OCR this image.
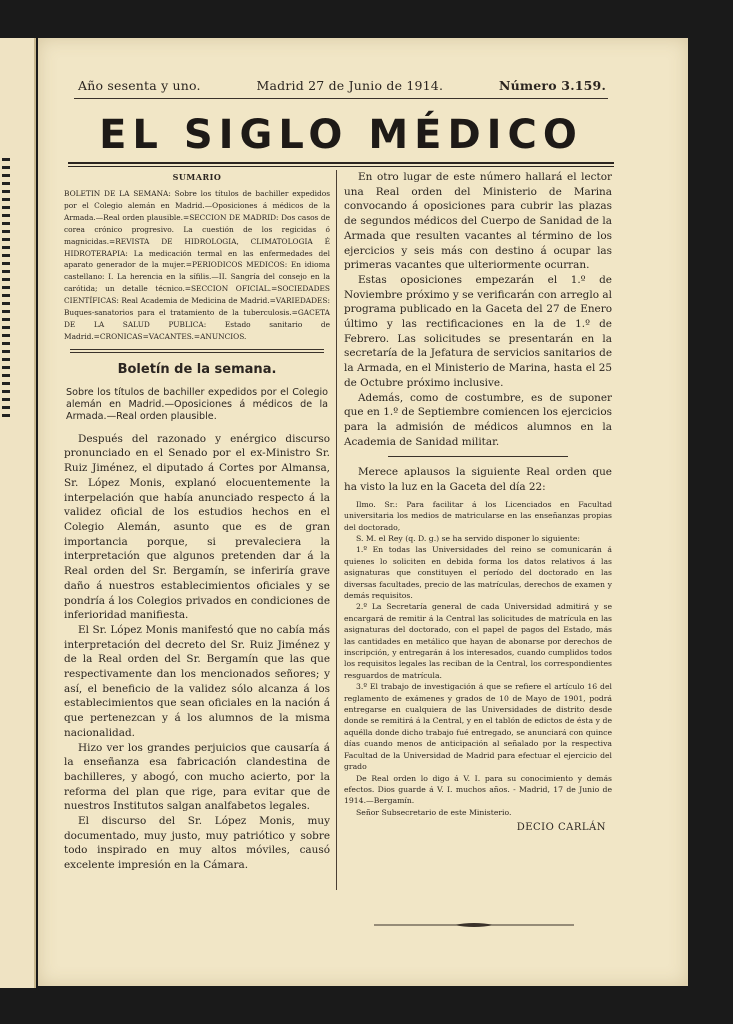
Año sesenta y uno.	Madrid 27 de Junio de 1914.	Número 3.159.
EL SIGLO MÉDICO
SUMARIO

BOLETIN DE LA SEMANA: Sobre los títulos de bachiller expedidos por el Colegio alemán en Madrid.—Oposiciones á médicos de la Armada.—Real orden plausible.=SECCION DE MADRID: Dos casos de corea crónico progresivo. La cuestión de los regicidas ó magnicidas.=REVISTA DE HIDROLOGIA, CLIMATOLOGIA É HIDROTERAPIA: La medicación termal en las enfermedades del aparato generador de la mujer.=PERIODICOS MEDICOS: En idioma castellano: I. La herencia en la sífilis.—II. Sangría del consejo en la carótida; un detalle técnico.=SECCION OFICIAL.=SOCIEDADES CIENTÍFICAS: Real Academia de Medicina de Madrid.=VARIEDADES: Buques-sanatorios para el tratamiento de la tuberculosis.=GACETA DE LA SALUD PUBLICA: Estado sanitario de Madrid.=CRONICAS=VACANTES.=ANUNCIOS.

Boletín de la semana.

Sobre los títulos de bachiller expedidos por el Colegio alemán en Madrid.—Oposiciones á médicos de la Armada.—Real orden plausible.

Después del razonado y enérgico discurso pronunciado en el Senado por el ex-Ministro Sr. Ruiz Jiménez, el diputado á Cortes por Almansa, Sr. López Monis, explanó elocuentemente la interpelación que había anunciado respecto á la validez oficial de los estudios hechos en el Colegio Alemán, asunto que es de gran importancia porque, si prevaleciera la interpretación que algunos pretenden dar á la Real orden del Sr. Bergamín, se inferiría grave daño á nuestros establecimientos oficiales y se pondría á los Colegios privados en condiciones de inferioridad manifiesta.

El Sr. López Monis manifestó que no cabía más interpretación del decreto del Sr. Ruiz Jiménez y de la Real orden del Sr. Bergamín que las que respectivamente dan los mencionados señores; y así, el beneficio de la validez sólo alcanza á los establecimientos que sean oficiales en la nación á que pertenezcan y á los alumnos de la misma nacionalidad.

Hizo ver los grandes perjuicios que causaría á la enseñanza esa fabricación clandestina de bachilleres, y abogó, con mucho acierto, por la reforma del plan que rige, para evitar que de nuestros Institutos salgan analfabetos legales.

El discurso del Sr. López Monis, muy documentado, muy justo, muy patriótico y sobre todo inspirado en muy altos móviles, causó excelente impresión en la Cámara.

En otro lugar de este número hallará el lector una Real orden del Ministerio de Marina convocando á oposiciones para cubrir las plazas de segundos médicos del Cuerpo de Sanidad de la Armada que resulten vacantes al término de los ejercicios y seis más con destino á ocupar las primeras vacantes que ulteriormente ocurran.

Estas oposiciones empezarán el 1.º de Noviembre próximo y se verificarán con arreglo al programa publicado en la Gaceta del 27 de Enero último y las rectificaciones en la de 1.º de Febrero. Las solicitudes se presentarán en la secretaría de la Jefatura de servicios sanitarios de la Armada, en el Ministerio de Marina, hasta el 25 de Octubre próximo inclusive.

Además, como de costumbre, es de suponer que en 1.º de Septiembre comiencen los ejercicios para la admisión de médicos alumnos en la Academia de Sanidad militar.

Merece aplausos la siguiente Real orden que ha visto la luz en la Gaceta del día 22:

Ilmo. Sr.: Para facilitar á los Licenciados en Facultad universitaria los medios de matricularse en las enseñanzas propias del doctorado,

S. M. el Rey (q. D. g.) se ha servido disponer lo siguiente:

1.º En todas las Universidades del reino se comunicarán á quienes lo soliciten en debida forma los datos relativos á las asignaturas que constituyen el período del doctorado en las diversas facultades, precio de las matrículas, derechos de examen y demás requisitos.

2.º La Secretaría general de cada Universidad admitirá y se encargará de remitir á la Central las solicitudes de matrícula en las asignaturas del doctorado, con el papel de pagos del Estado, más las cantidades en metálico que hayan de abonarse por derechos de inscripción, y entregarán á los interesados, cuando cumplidos todos los requisitos legales las reciban de la Central, los correspondientes resguardos de matrícula.

3.º El trabajo de investigación á que se refiere el artículo 16 del reglamento de exámenes y grados de 10 de Mayo de 1901, podrá entregarse en cualquiera de las Universidades de distrito desde donde se remitirá á la Central, y en el tablón de edictos de ésta y de aquélla donde dicho trabajo fué entregado, se anunciará con quince días cuando menos de anticipación al señalado por la respectiva Facultad de la Universidad de Madrid para efectuar el ejercicio del grado

De Real orden lo digo á V. I. para su conocimiento y demás efectos. Dios guarde á V. I. muchos años. - Madrid, 17 de Junio de 1914.—Bergamín.

Señor Subsecretario de este Ministerio.

DECIO CARLÁN
